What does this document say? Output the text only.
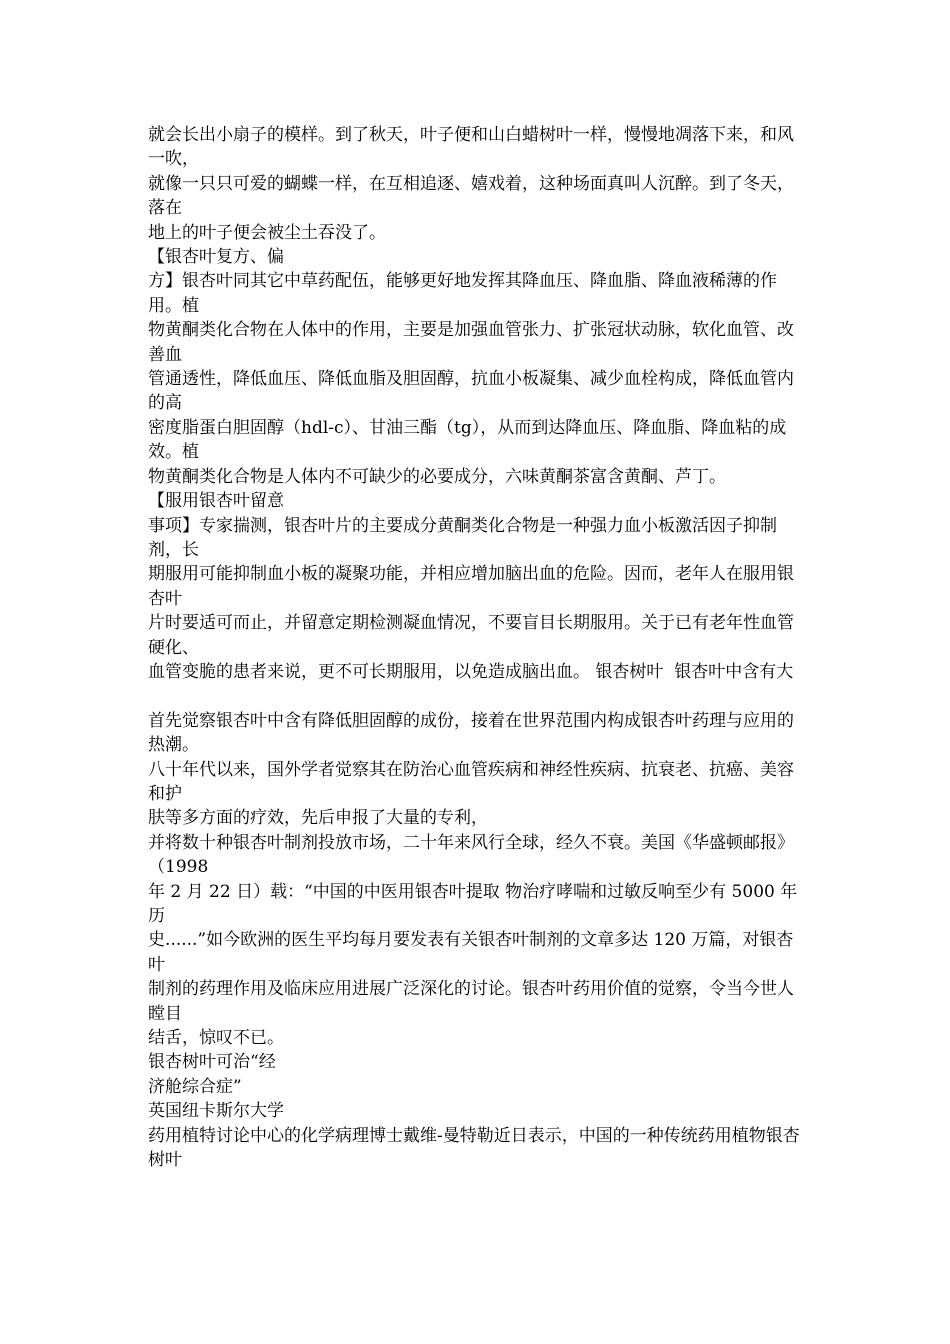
就会长出小扇子的模样。到了秋天，叶子便和山白蜡树叶一样，慢慢地凋落下来，和风一吹，
就像一只只可爱的蝴蝶一样，在互相追逐、嬉戏着，这种场面真叫人沉醉。到了冬天，落在
地上的叶子便会被尘土吞没了。
【银杏叶复方、偏
方】银杏叶同其它中草药配伍，能够更好地发挥其降血压、降血脂、降血液稀薄的作用。植
物黄酮类化合物在人体中的作用，主要是加强血管张力、扩张冠状动脉，软化血管、改善血
管通透性，降低血压、降低血脂及胆固醇，抗血小板凝集、减少血栓构成，降低血管内的高
密度脂蛋白胆固醇（hdl-c）、甘油三酯（tg），从而到达降血压、降血脂、降血粘的成效。植
物黄酮类化合物是人体内不可缺少的必要成分，六味黄酮茶富含黄酮、芦丁。
【服用银杏叶留意
事项】专家揣测，银杏叶片的主要成分黄酮类化合物是一种强力血小板激活因子抑制剂，长
期服用可能抑制血小板的凝聚功能，并相应增加脑出血的危险。因而，老年人在服用银杏叶
片时要适可而止，并留意定期检测凝血情况，不要盲目长期服用。关于已有老年性血管硬化、
血管变脆的患者来说，更不可长期服用，以免造成脑出血。 银杏树叶  银杏叶中含有大
首先觉察银杏叶中含有降低胆固醇的成份，接着在世界范围内构成银杏叶药理与应用的热潮。
八十年代以来，国外学者觉察其在防治心血管疾病和神经性疾病、抗衰老、抗癌、美容和护
肤等多方面的疗效，先后申报了大量的专利，
并将数十种银杏叶制剂投放市场，二十年来风行全球，经久不衰。美国《华盛顿邮报》（1998
年 2 月 22 日）载：“中国的中医用银杏叶提取 物治疗哮喘和过敏反响至少有 5000 年历
史......”如今欧洲的医生平均每月要发表有关银杏叶制剂的文章多达 120 万篇，对银杏叶
制剂的药理作用及临床应用进展广泛深化的讨论。银杏叶药用价值的觉察，令当今世人瞠目
结舌，惊叹不已。
银杏树叶可治“经
济舱综合症”
英国纽卡斯尔大学
药用植特讨论中心的化学病理博士戴维-曼特勒近日表示，中国的一种传统药用植物银杏树叶
